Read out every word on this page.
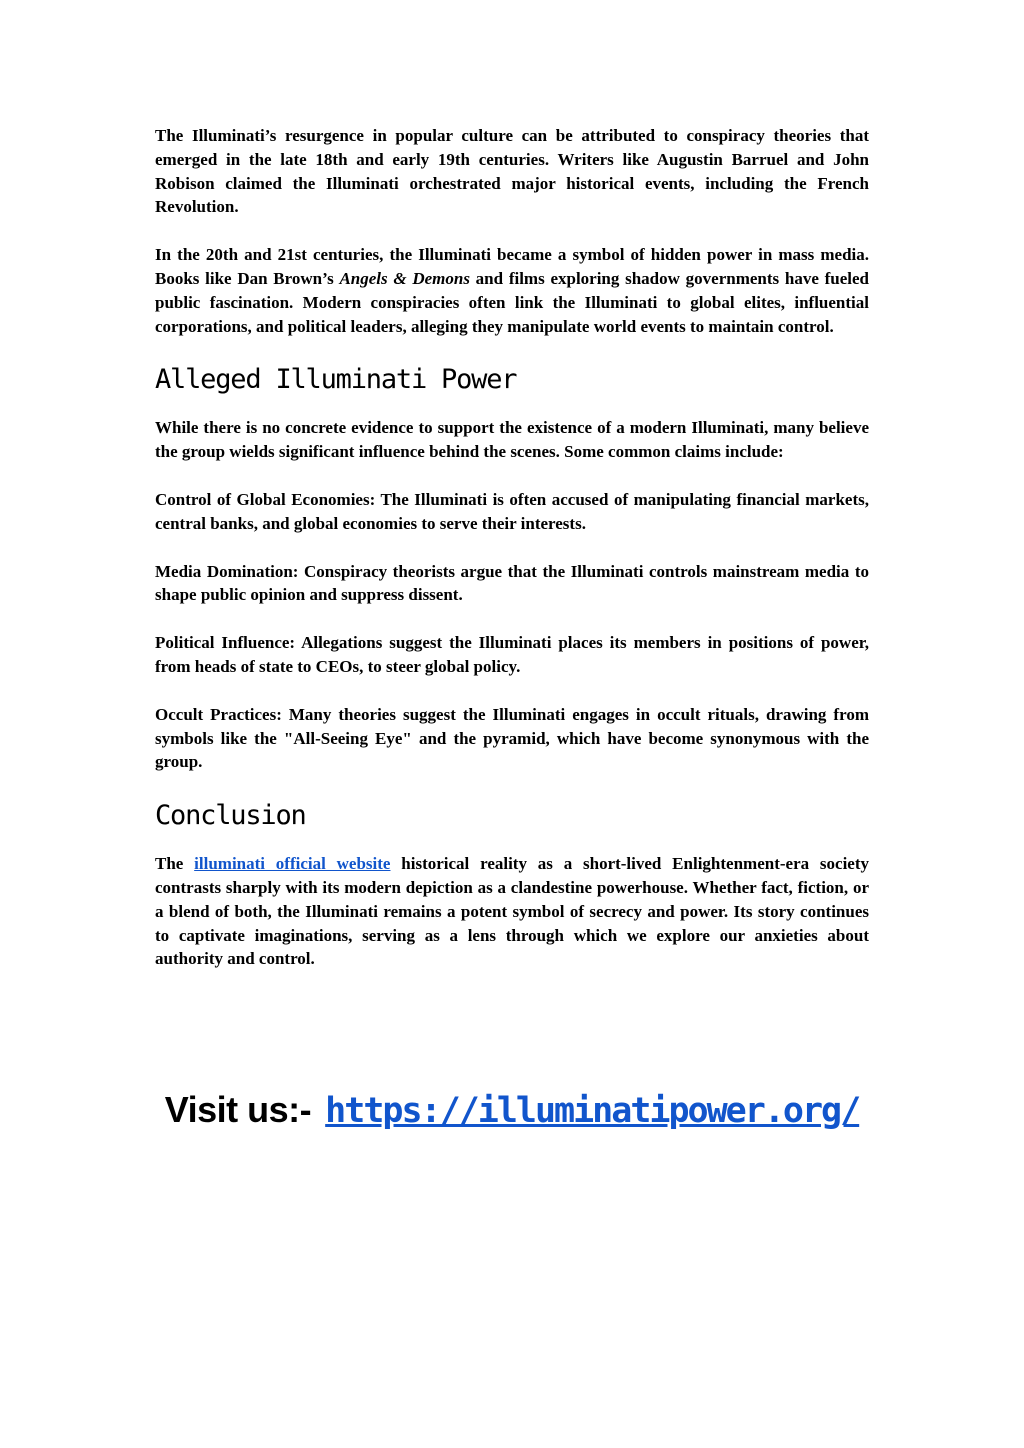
The Illuminati’s resurgence in popular culture can be attributed to conspiracy theories that emerged in the late 18th and early 19th centuries. Writers like Augustin Barruel and John Robison claimed the Illuminati orchestrated major historical events, including the French Revolution.

In the 20th and 21st centuries, the Illuminati became a symbol of hidden power in mass media. Books like Dan Brown’s Angels & Demons and films exploring shadow governments have fueled public fascination. Modern conspiracies often link the Illuminati to global elites, influential corporations, and political leaders, alleging they manipulate world events to maintain control.

Alleged Illuminati Power

While there is no concrete evidence to support the existence of a modern Illuminati, many believe the group wields significant influence behind the scenes. Some common claims include:

Control of Global Economies: The Illuminati is often accused of manipulating financial markets, central banks, and global economies to serve their interests.

Media Domination: Conspiracy theorists argue that the Illuminati controls mainstream media to shape public opinion and suppress dissent.

Political Influence: Allegations suggest the Illuminati places its members in positions of power, from heads of state to CEOs, to steer global policy.

Occult Practices: Many theories suggest the Illuminati engages in occult rituals, drawing from symbols like the "All-Seeing Eye" and the pyramid, which have become synonymous with the group.

Conclusion

The illuminati official website historical reality as a short-lived Enlightenment-era society contrasts sharply with its modern depiction as a clandestine powerhouse. Whether fact, fiction, or a blend of both, the Illuminati remains a potent symbol of secrecy and power. Its story continues to captivate imaginations, serving as a lens through which we explore our anxieties about authority and control.

Visit us:- https://illuminatipower.org/
